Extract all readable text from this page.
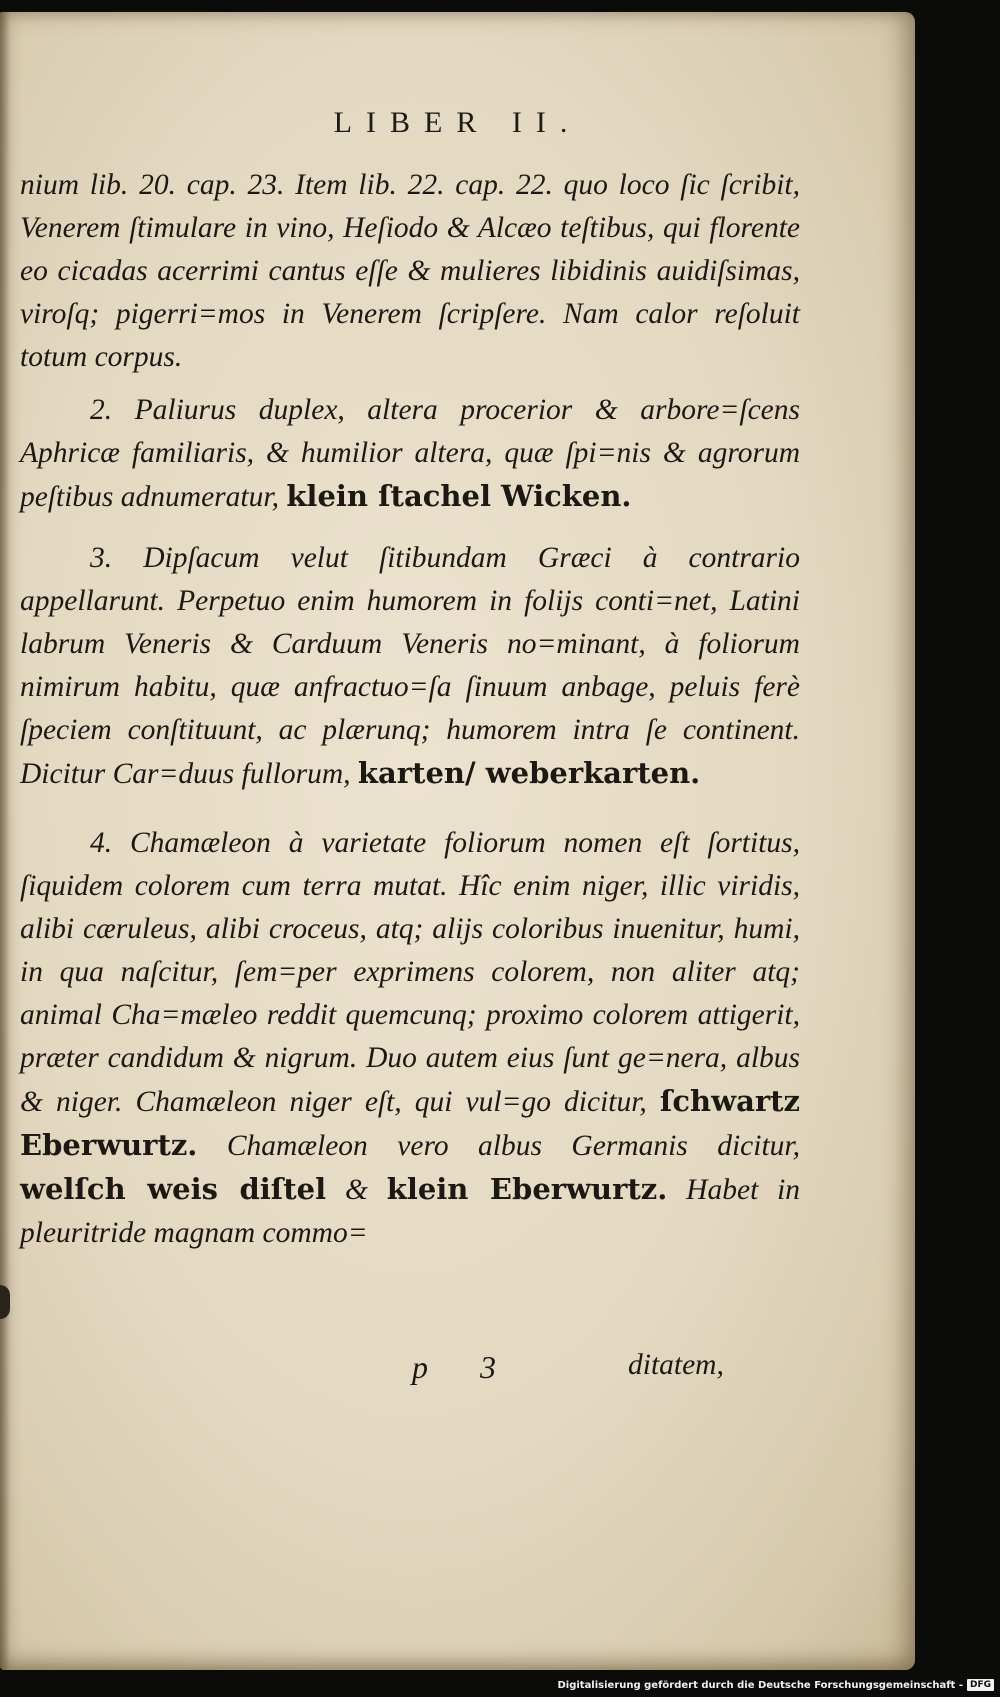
LIBER II.

nium lib. 20. cap. 23. Item lib. 22. cap. 22. quo loco ſic ſcribit, Venerem ſtimulare in vino, Heſiodo & Alcæo teſtibus, qui florente eo cicadas acerrimi cantus eſſe & mulieres libidinis auidiſsimas, viroſq; pigerri=mos in Venerem ſcripſere. Nam calor reſoluit totum corpus.

2. Paliurus duplex, altera procerior & arbore=ſcens Aphricæ familiaris, & humilior altera, quæ ſpi=nis & agrorum peſtibus adnumeratur, klein ſtachel Wicken.

3. Dipſacum velut ſitibundam Græci à contrario appellarunt. Perpetuo enim humorem in folijs conti=net, Latini labrum Veneris & Carduum Veneris no=minant, à foliorum nimirum habitu, quæ anfractuo=ſa ſinuum anbage, peluis ferè ſpeciem conſtituunt, ac plærunq; humorem intra ſe continent. Dicitur Car=duus fullorum, karten/ weberkarten.

4. Chamæleon à varietate foliorum nomen eſt ſortitus, ſiquidem colorem cum terra mutat. Hîc enim niger, illic viridis, alibi cæruleus, alibi croceus, atq; alijs coloribus inuenitur, humi, in qua naſcitur, ſem=per exprimens colorem, non aliter atq; animal Cha=mæleo reddit quemcunq; proximo colorem attigerit, præter candidum & nigrum. Duo autem eius ſunt ge=nera, albus & niger. Chamæleon niger eſt, qui vul=go dicitur, ſchwartz Eberwurtz. Chamæleon vero albus Germanis dicitur, welſch weis diſtel & klein Eberwurtz. Habet in pleuritride magnam commo=

p 3	ditatem,
Digitalisierung gefördert durch die Deutsche Forschungsgemeinschaft - DFG
